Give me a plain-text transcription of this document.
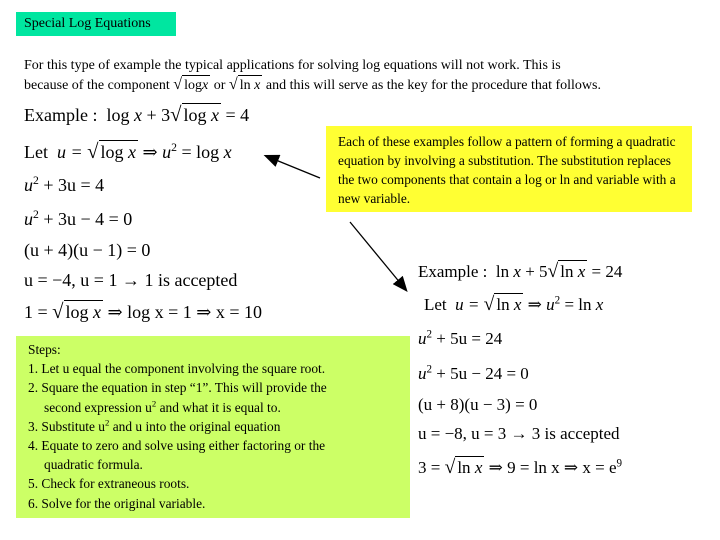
Special Log Equations
For this type of example the typical applications for solving log equations will not work. This is
because of the component √ logx or √ ln x and this will serve as the key for the procedure that follows.
Example : log x + 3√ log x = 4
Let u = √ log x ⇒ $u^2 = \log x$
$u^2 + 3u = 4$
$u^2 + 3u - 4 = 0$
(u + 4)(u − 1) = 0
u = −4, u = 1 → 1 is accepted
1 = √ log x ⇒ log x = 1 ⇒ x = 10
Each of these examples follow a pattern of forming a quadratic equation by involving a substitution. The substitution replaces the two components that contain a log or ln and variable with a new variable.
Steps:
1. Let u equal the component involving the square root.
2. Square the equation in step “1”. This will provide the
second expression $u^2$ and what it is equal to.
3. Substitute $u^2$ and u into the original equation
4. Equate to zero and solve using either factoring or the
quadratic formula.
5. Check for extraneous roots.
6. Solve for the original variable.
Example : ln x + 5√ ln x = 24
Let u = √ ln x ⇒ $u^2 = \ln x$
$u^2 + 5u = 24$
$u^2 + 5u - 24 = 0$
(u + 8)(u − 3) = 0
u = −8, u = 3 → 3 is accepted
3 = √ ln x ⇒ 9 = ln x ⇒ $x = e^9$
